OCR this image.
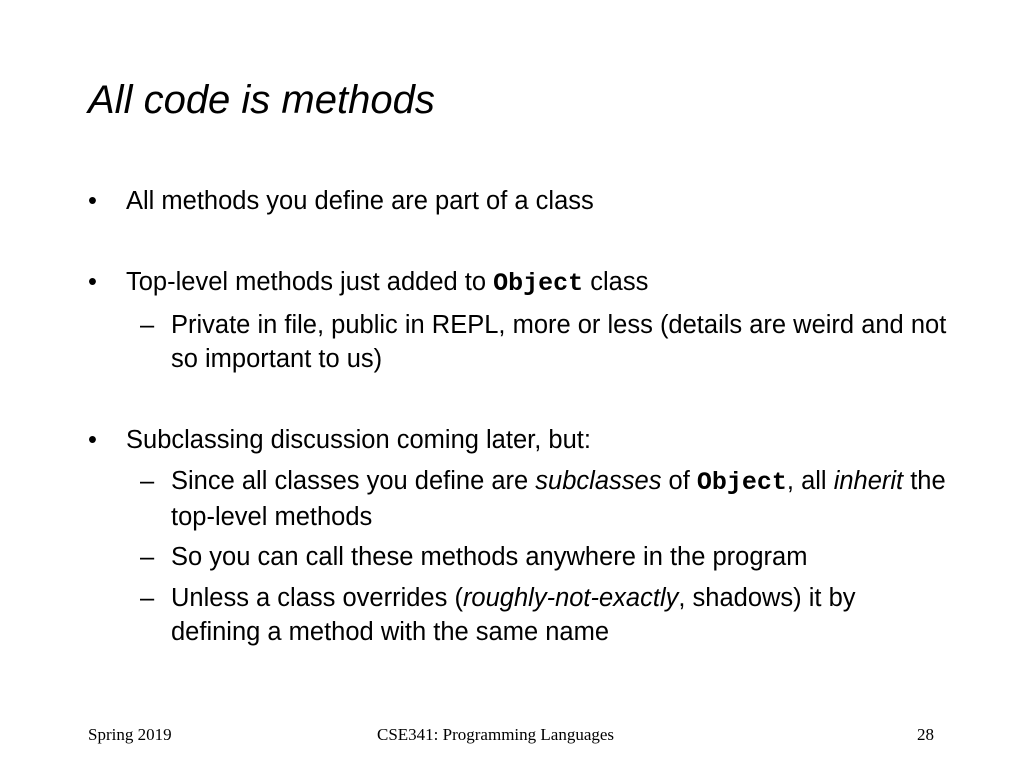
All code is methods
• All methods you define are part of a class
• Top-level methods just added to Object class
– Private in file, public in REPL, more or less (details are weird and not so important to us)
• Subclassing discussion coming later, but:
– Since all classes you define are subclasses of Object, all inherit the top-level methods
– So you can call these methods anywhere in the program
– Unless a class overrides (roughly-not-exactly, shadows) it by defining a method with the same name
Spring 2019	CSE341: Programming Languages	28
